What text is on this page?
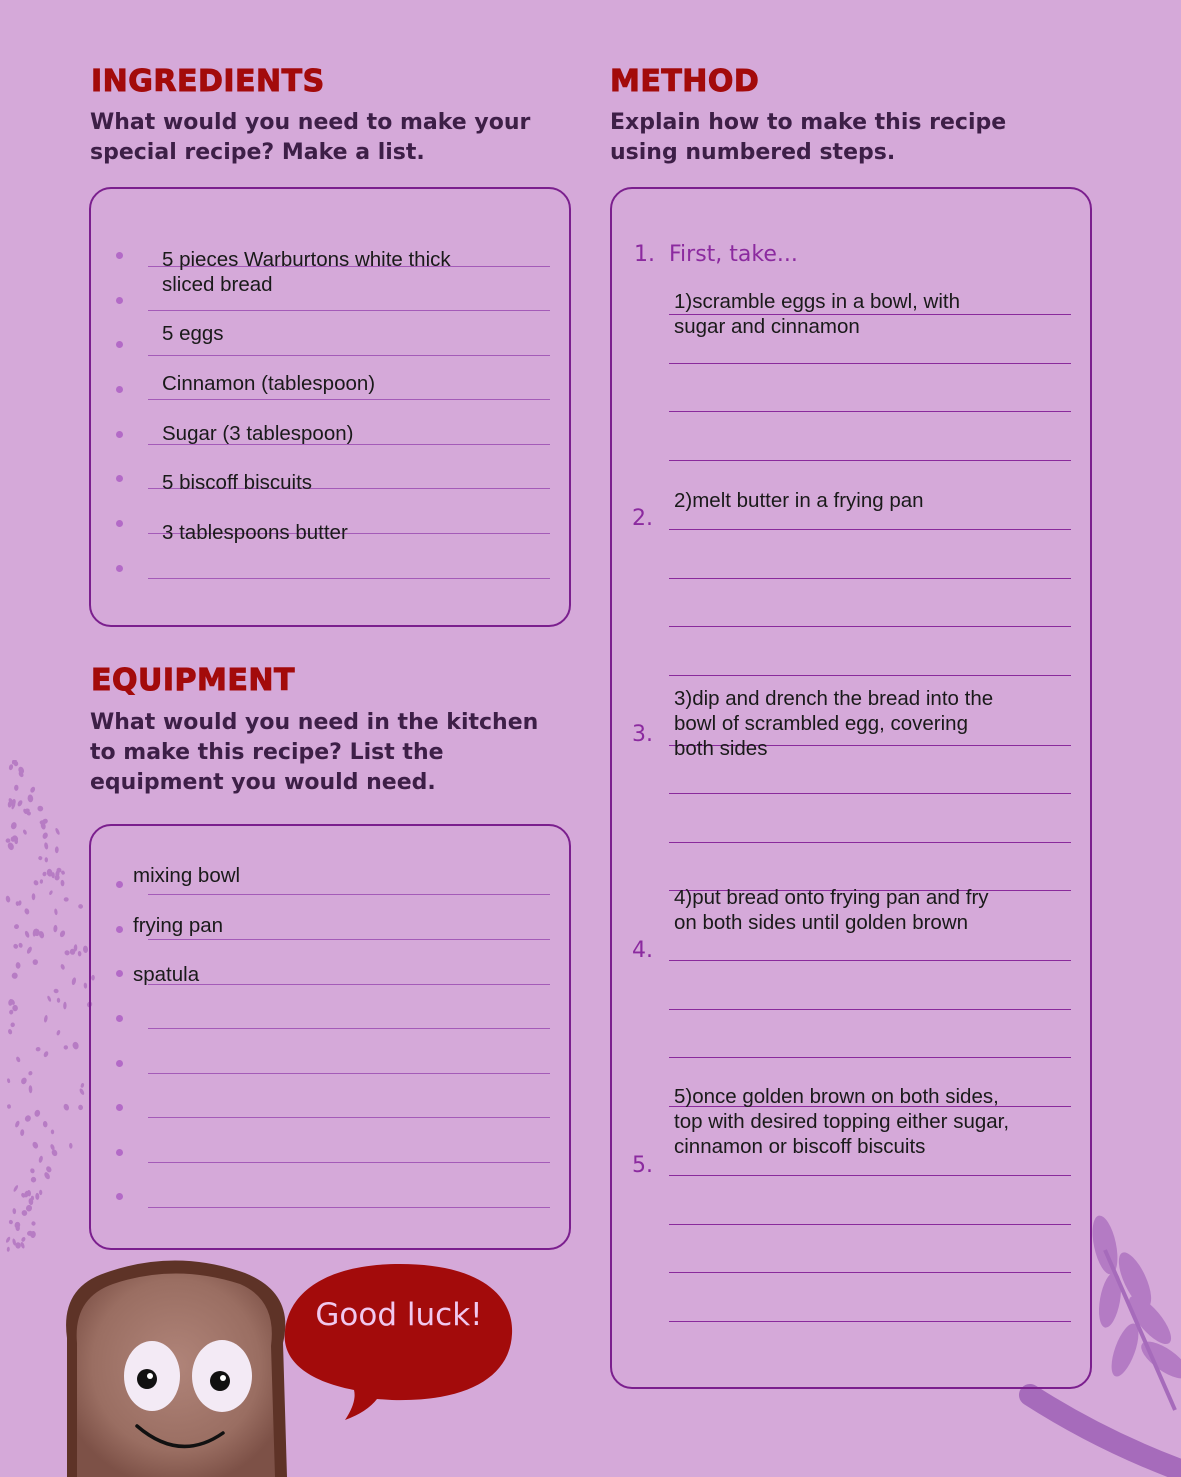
INGREDIENTS

What would you need to make your special recipe? Make a list.

5 pieces Warburtons white thick
sliced bread

5 eggs

Cinnamon (tablespoon)

Sugar (3 tablespoon)

5 biscoff biscuits

3 tablespoons butter

EQUIPMENT

What would you need in the kitchen to make this recipe? List the equipment you would need.

mixing bowl

frying pan

spatula

METHOD

Explain how to make this recipe using numbered steps.

1. First, take...
2.
3.
4.
5.

1)scramble eggs in a bowl, with
sugar and cinnamon

2)melt butter in a frying pan

3)dip and drench the bread into the
bowl of scrambled egg, covering
both sides

4)put bread onto frying pan and fry
on both sides until golden brown

5)once golden brown on both sides,
top with desired topping either sugar,
cinnamon or biscoff biscuits

Good luck!
